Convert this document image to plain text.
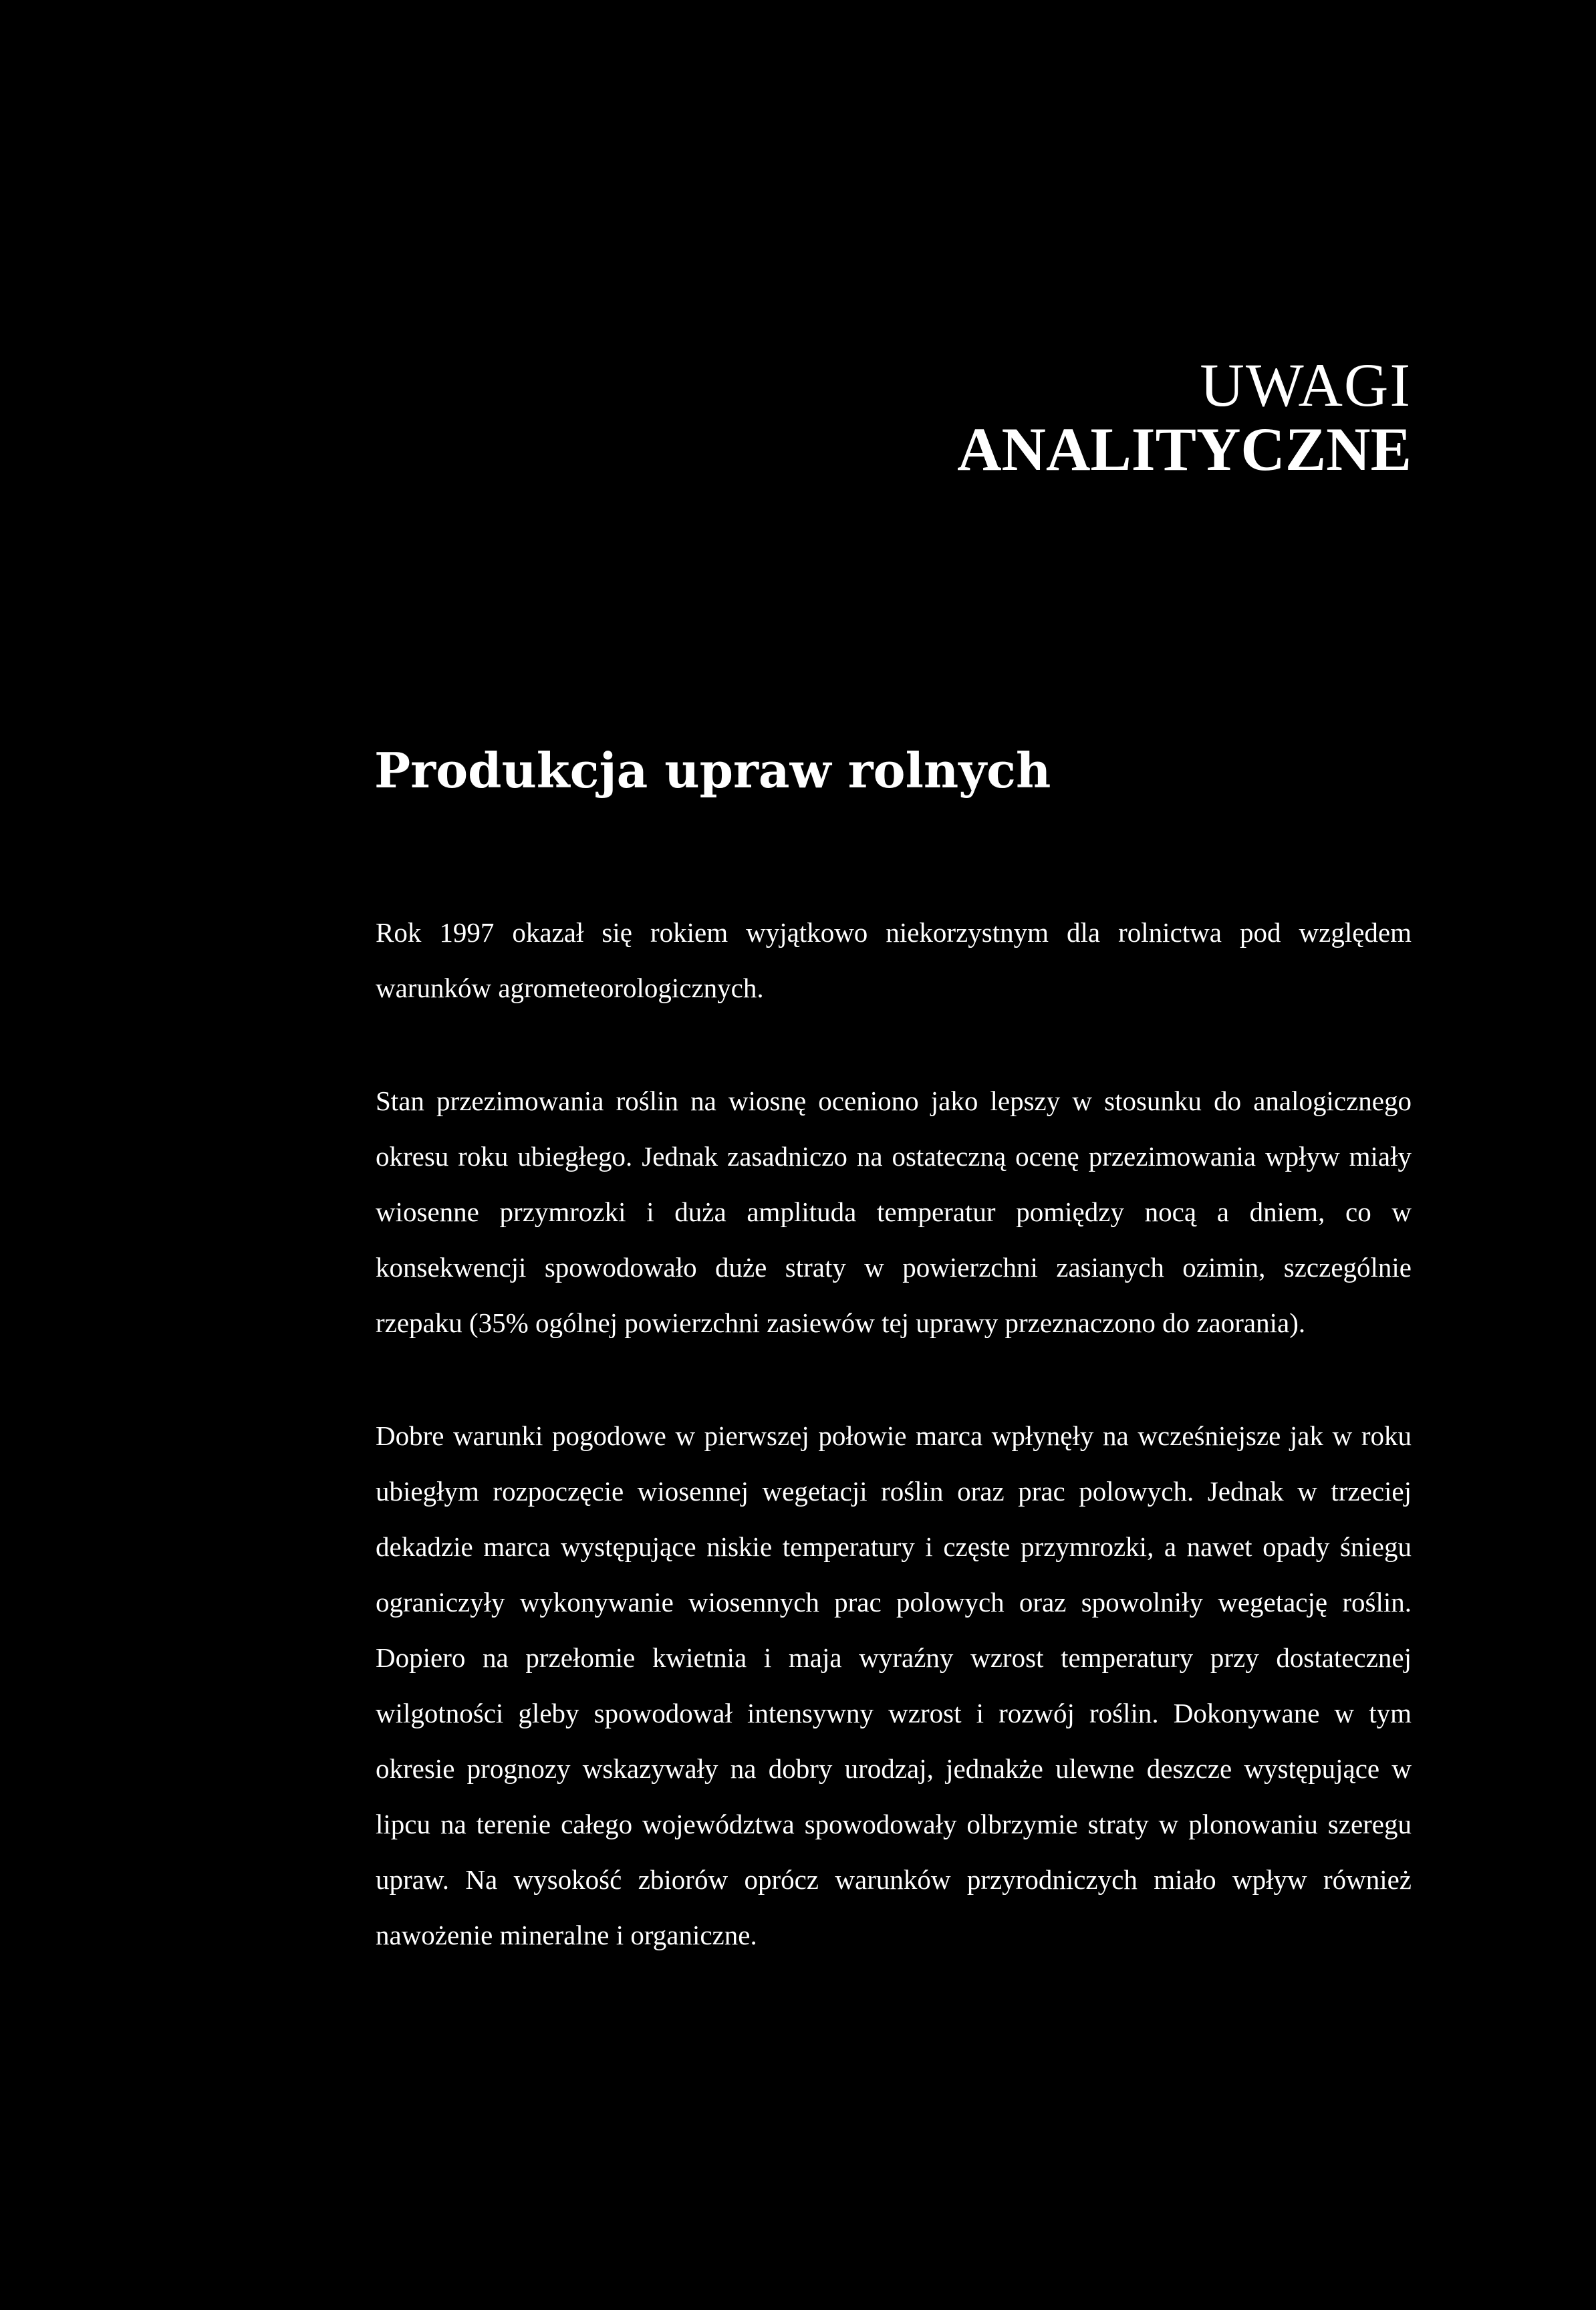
UWAGI
ANALITYCZNE
Produkcja upraw rolnych

Rok 1997 okazał się rokiem wyjątkowo niekorzystnym dla rolnictwa pod względem warunków agrometeorologicznych.

Stan przezimowania roślin na wiosnę oceniono jako lepszy w stosunku do analogicznego okresu roku ubiegłego. Jednak zasadniczo na ostateczną ocenę przezimowania wpływ miały wiosenne przymrozki i duża amplituda temperatur pomiędzy nocą a dniem, co w konsekwencji spowodowało duże straty w powierzchni zasianych ozimin, szczególnie rzepaku (35% ogólnej powierzchni zasiewów tej uprawy przeznaczono do zaorania).

Dobre warunki pogodowe w pierwszej połowie marca wpłynęły na wcześniejsze jak w roku ubiegłym rozpoczęcie wiosennej wegetacji roślin oraz prac polowych. Jednak w trzeciej dekadzie marca występujące niskie temperatury i częste przymrozki, a nawet opady śniegu ograniczyły wykonywanie wiosennych prac polowych oraz spowolniły wegetację roślin. Dopiero na przełomie kwietnia i maja wyraźny wzrost temperatury przy dostatecznej wilgotności gleby spowodował intensywny wzrost i rozwój roślin. Dokonywane w tym okresie prognozy wskazywały na dobry urodzaj, jednakże ulewne deszcze występujące w lipcu na terenie całego województwa spowodowały olbrzymie straty w plonowaniu szeregu upraw. Na wysokość zbiorów oprócz warunków przyrodniczych miało wpływ również nawożenie mineralne i organiczne.
